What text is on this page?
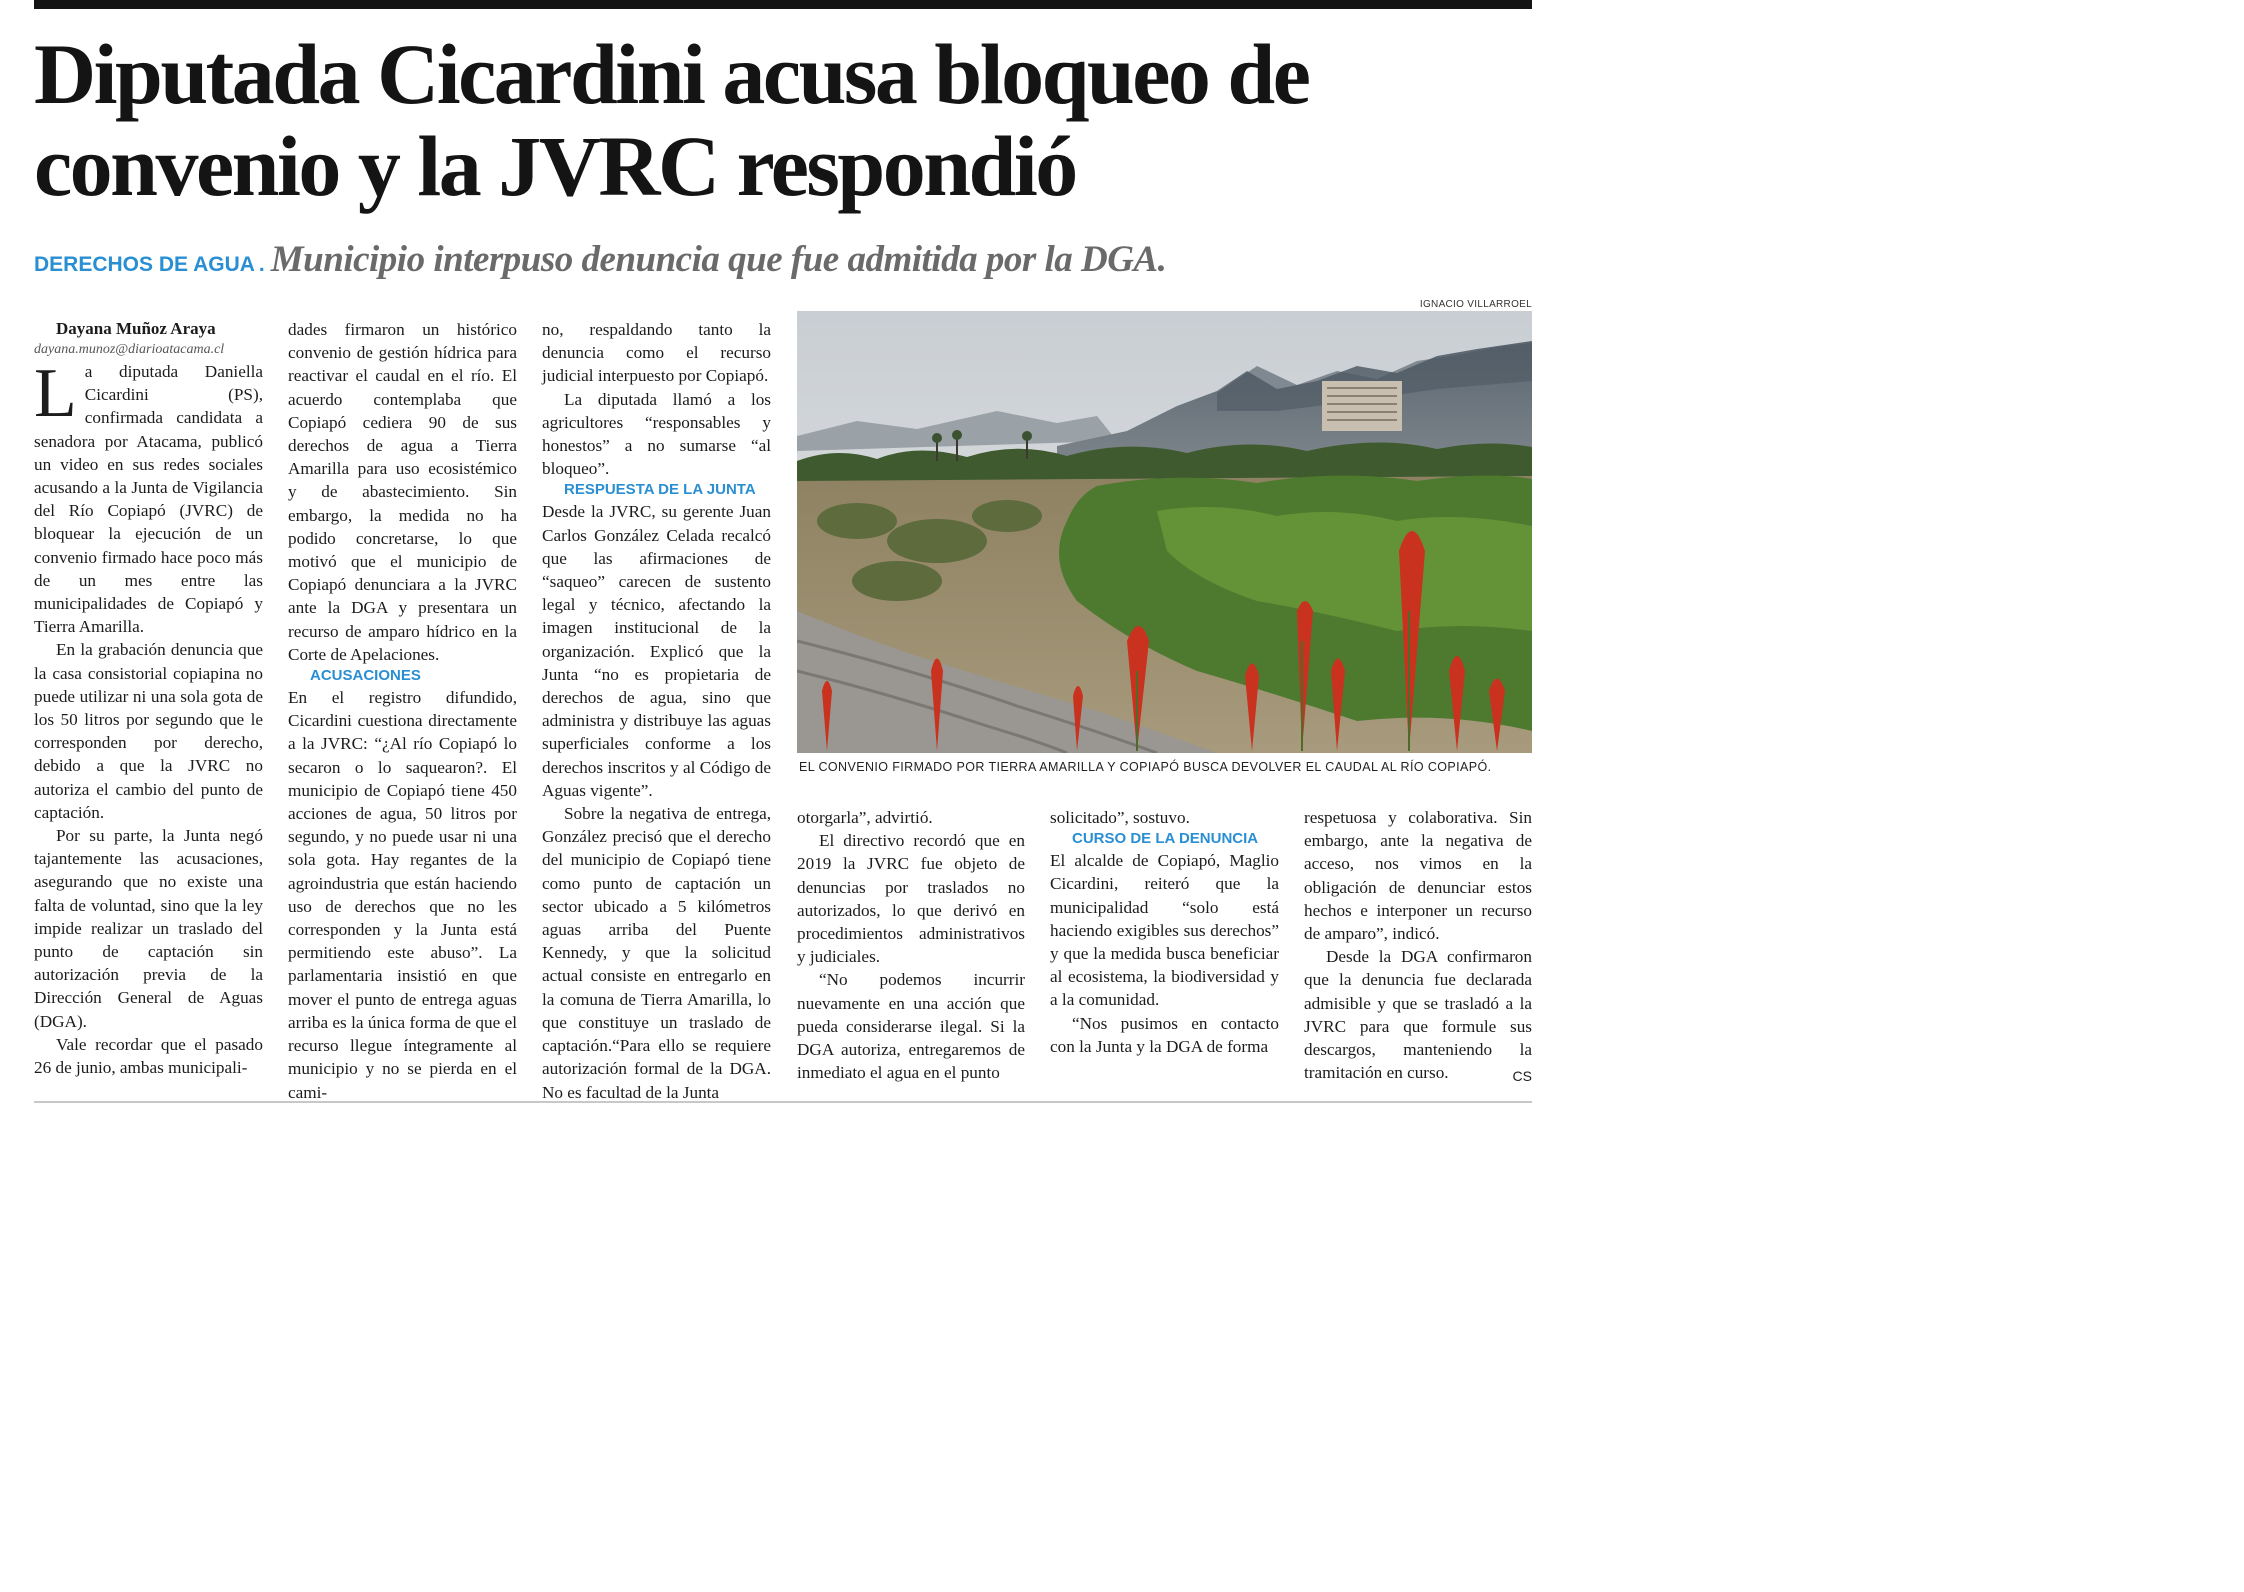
Diputada Cicardini acusa bloqueo de
convenio y la JVRC respondió
DERECHOS DE AGUA . Municipio interpuso denuncia que fue admitida por la DGA.

Dayana Muñoz Araya

dayana.munoz@diarioatacama.cl

La diputada Daniella Cicardini (PS), confirmada candidata a senadora por Atacama, publicó un video en sus redes sociales acusando a la Junta de Vigilancia del Río Copiapó (JVRC) de bloquear la ejecución de un convenio firmado hace poco más de un mes entre las municipalidades de Copiapó y Tierra Amarilla.

En la grabación denuncia que la casa consistorial copiapina no puede utilizar ni una sola gota de los 50 litros por segundo que le corresponden por derecho, debido a que la JVRC no autoriza el cambio del punto de captación.

Por su parte, la Junta negó tajantemente las acusaciones, asegurando que no existe una falta de voluntad, sino que la ley impide realizar un traslado del punto de captación sin autorización previa de la Dirección General de Aguas (DGA).

Vale recordar que el pasado 26 de junio, ambas municipali-

dades firmaron un histórico convenio de gestión hídrica para reactivar el caudal en el río. El acuerdo contemplaba que Copiapó cediera 90 de sus derechos de agua a Tierra Amarilla para uso ecosistémico y de abastecimiento. Sin embargo, la medida no ha podido concretarse, lo que motivó que el municipio de Copiapó denunciara a la JVRC ante la DGA y presentara un recurso de amparo hídrico en la Corte de Apelaciones.

ACUSACIONES

En el registro difundido, Cicardini cuestiona directamente a la JVRC: “¿Al río Copiapó lo secaron o lo saquearon?. El municipio de Copiapó tiene 450 acciones de agua, 50 litros por segundo, y no puede usar ni una sola gota. Hay regantes de la agroindustria que están haciendo uso de derechos que no les corresponden y la Junta está permitiendo este abuso”. La parlamentaria insistió en que mover el punto de entrega aguas arriba es la única forma de que el recurso llegue íntegramente al municipio y no se pierda en el cami-

no, respaldando tanto la denuncia como el recurso judicial interpuesto por Copiapó.

La diputada llamó a los agricultores “responsables y honestos” a no sumarse “al bloqueo”.

RESPUESTA DE LA JUNTA

Desde la JVRC, su gerente Juan Carlos González Celada recalcó que las afirmaciones de “saqueo” carecen de sustento legal y técnico, afectando la imagen institucional de la organización. Explicó que la Junta “no es propietaria de derechos de agua, sino que administra y distribuye las aguas superficiales conforme a los derechos inscritos y al Código de Aguas vigente”.

Sobre la negativa de entrega, González precisó que el derecho del municipio de Copiapó tiene como punto de captación un sector ubicado a 5 kilómetros aguas arriba del Puente Kennedy, y que la solicitud actual consiste en entregarlo en la comuna de Tierra Amarilla, lo que constituye un traslado de captación.“Para ello se requiere autorización formal de la DGA. No es facultad de la Junta

IGNACIO VILLARROEL
EL CONVENIO FIRMADO POR TIERRA AMARILLA Y COPIAPÓ BUSCA DEVOLVER EL CAUDAL AL RÍO COPIAPÓ.

otorgarla”, advirtió.

El directivo recordó que en 2019 la JVRC fue objeto de denuncias por traslados no autorizados, lo que derivó en procedimientos administrativos y judiciales.

“No podemos incurrir nuevamente en una acción que pueda considerarse ilegal. Si la DGA autoriza, entregaremos de inmediato el agua en el punto

solicitado”, sostuvo.

CURSO DE LA DENUNCIA

El alcalde de Copiapó, Maglio Cicardini, reiteró que la municipalidad “solo está haciendo exigibles sus derechos” y que la medida busca beneficiar al ecosistema, la biodiversidad y a la comunidad.

“Nos pusimos en contacto con la Junta y la DGA de forma

respetuosa y colaborativa. Sin embargo, ante la negativa de acceso, nos vimos en la obligación de denunciar estos hechos e interponer un recurso de amparo”, indicó.

Desde la DGA confirmaron que la denuncia fue declarada admisible y que se trasladó a la JVRC para que formule sus descargos, manteniendo la tramitación en curso.	CS
